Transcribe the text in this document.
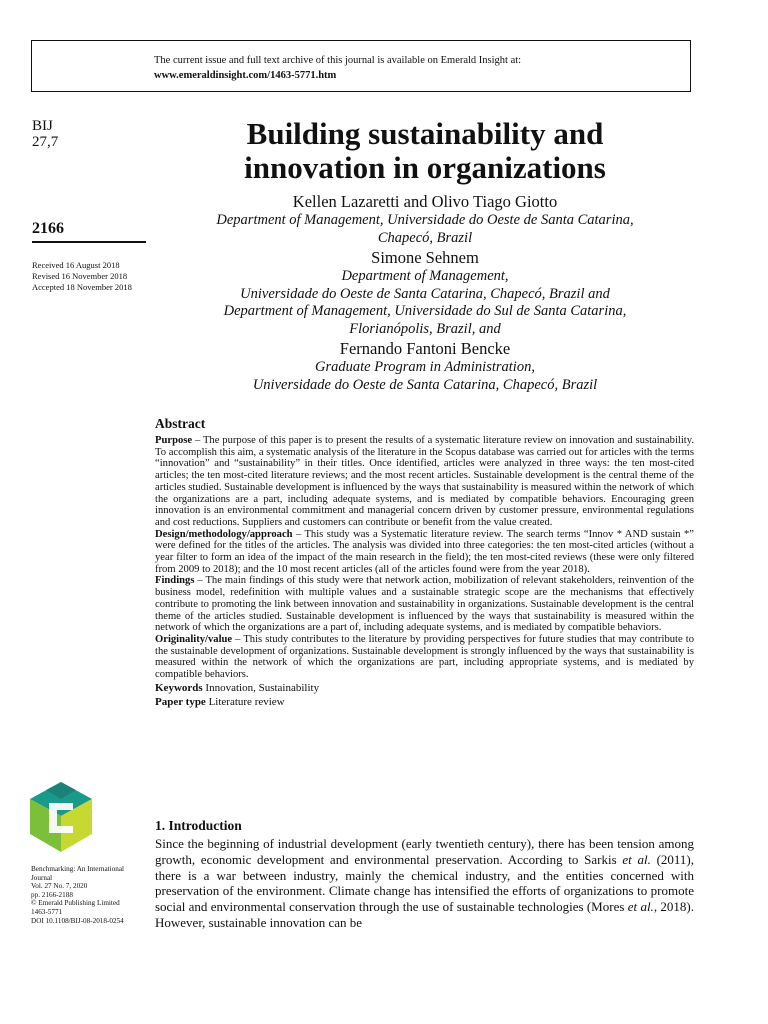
The current issue and full text archive of this journal is available on Emerald Insight at:
www.emeraldinsight.com/1463-5771.htm
BIJ
27,7
2166
Received 16 August 2018
Revised 16 November 2018
Accepted 18 November 2018
Building sustainability and
innovation in organizations
Kellen Lazaretti and Olivo Tiago Giotto
Department of Management, Universidade do Oeste de Santa Catarina,
Chapecó, Brazil
Simone Sehnem
Department of Management,
Universidade do Oeste de Santa Catarina, Chapecó, Brazil and
Department of Management, Universidade do Sul de Santa Catarina,
Florianópolis, Brazil, and
Fernando Fantoni Bencke
Graduate Program in Administration,
Universidade do Oeste de Santa Catarina, Chapecó, Brazil
Abstract

Purpose – The purpose of this paper is to present the results of a systematic literature review on innovation and sustainability. To accomplish this aim, a systematic analysis of the literature in the Scopus database was carried out for articles with the terms “innovation” and “sustainability” in their titles. Once identified, articles were analyzed in three ways: the ten most-cited articles; the ten most-cited literature reviews; and the most recent articles. Sustainable development is the central theme of the articles studied. Sustainable development is influenced by the ways that sustainability is measured within the network of which the organizations are a part, including adequate systems, and is mediated by compatible behaviors. Encouraging green innovation is an environmental commitment and managerial concern driven by customer pressure, environmental regulations and cost reductions. Suppliers and customers can contribute or benefit from the value created.

Design/methodology/approach – This study was a Systematic literature review. The search terms “Innov * AND sustain *” were defined for the titles of the articles. The analysis was divided into three categories: the ten most-cited articles (without a year filter to form an idea of the impact of the main research in the field); the ten most-cited reviews (these were only filtered from 2009 to 2018); and the 10 most recent articles (all of the articles found were from the year 2018).

Findings – The main findings of this study were that network action, mobilization of relevant stakeholders, reinvention of the business model, redefinition with multiple values and a sustainable strategic scope are the mechanisms that effectively contribute to promoting the link between innovation and sustainability in organizations. Sustainable development is the central theme of the articles studied. Sustainable development is influenced by the ways that sustainability is measured within the network of which the organizations are a part of, including adequate systems, and is mediated by compatible behaviors.

Originality/value – This study contributes to the literature by providing perspectives for future studies that may contribute to the sustainable development of organizations. Sustainable development is strongly influenced by the ways that sustainability is measured within the network of which the organizations are part, including appropriate systems, and is mediated by compatible behaviors.

Keywords Innovation, Sustainability

Paper type Literature review

Benchmarking: An International
Journal
Vol. 27 No. 7, 2020
pp. 2166-2188
© Emerald Publishing Limited
1463-5771
DOI 10.1108/BIJ-08-2018-0254
1. Introduction

Since the beginning of industrial development (early twentieth century), there has been tension among growth, economic development and environmental preservation. According to Sarkis et al. (2011), there is a war between industry, mainly the chemical industry, and the entities concerned with preservation of the environment. Climate change has intensified the efforts of organizations to promote social and environmental conservation through the use of sustainable technologies (Mores et al., 2018). However, sustainable innovation can be
